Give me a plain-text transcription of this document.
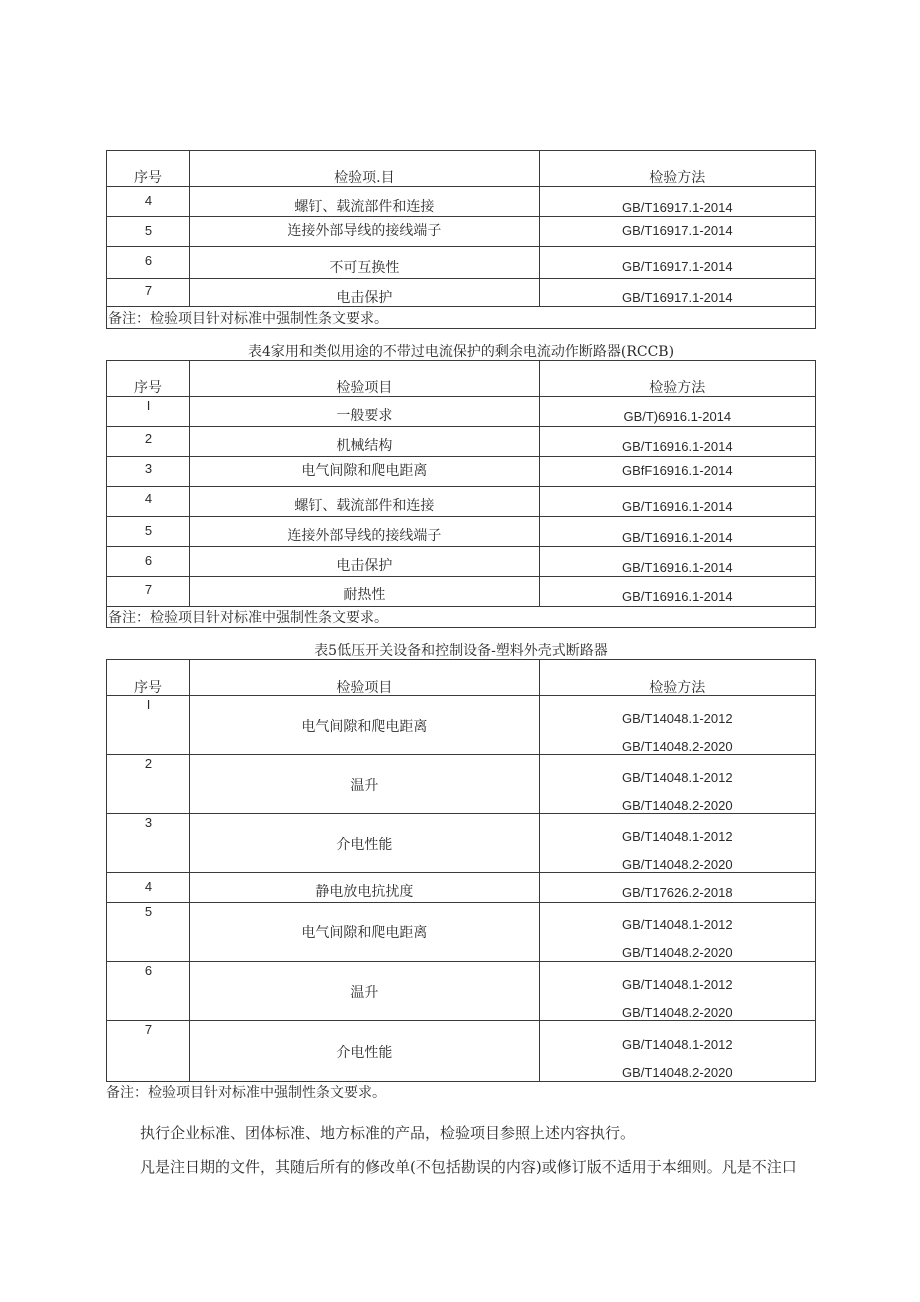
序号	检验项.目	检验方法

4	螺钉、载流部件和连接	GB/T16917.1-2014

5	连接外部导线的接线端子	GB/T16917.1-2014

6	不可互换性	GB/T16917.1-2014

7	电击保护	GB/T16917.1-2014

备注：检验项目针对标准中强制性条文要求。		
表4家用和类似用途的不带过电流保护的剩余电流动作断路器(RCCB)
序号	检验项目	检验方法

I	一般要求	GB/T)6916.1-2014

2	机械结构	GB/T16916.1-2014

3	电气间隙和爬电距离	GBfF16916.1-2014

4	螺钉、载流部件和连接	GB/T16916.1-2014

5	连接外部导线的接线端子	GB/T16916.1-2014

6	电击保护	GB/T16916.1-2014

7	耐热性	GB/T16916.1-2014

备注：检验项目针对标准中强制性条文要求。		
表5低压开关设备和控制设备-塑料外壳式断路器
序号	检验项目	检验方法

I	电气间隙和爬电距离	GB/T14048.1-2012
GB/T14048.2-2020

2	温升	GB/T14048.1-2012
GB/T14048.2-2020

3	介电性能	GB/T14048.1-2012
GB/T14048.2-2020

4	静电放电抗扰度	GB/T17626.2-2018

5	电气间隙和爬电距离	GB/T14048.1-2012
GB/T14048.2-2020

6	温升	GB/T14048.1-2012
GB/T14048.2-2020

7	介电性能	GB/T14048.1-2012
GB/T14048.2-2020
备注：检验项目针对标准中强制性条文要求。
执行企业标准、团体标准、地方标准的产品，检验项目参照上述内容执行。
凡是注日期的文件，其随后所有的修改单(不包括勘误的内容)或修订版不适用于本细则。凡是不注口
